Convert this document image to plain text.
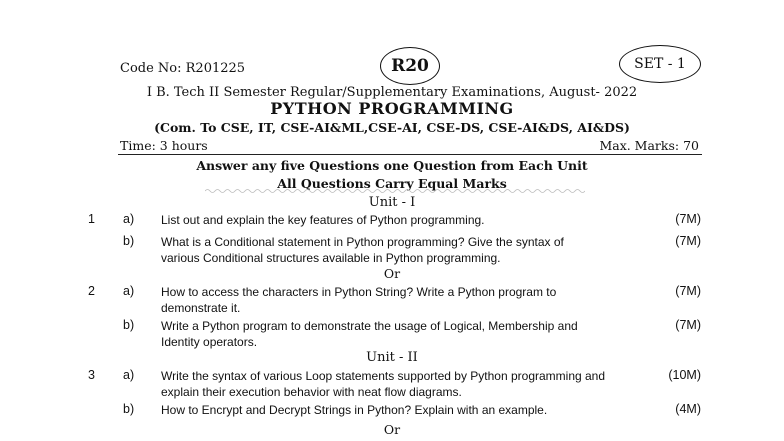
Code No: R201225	R20	SET - 1
I B. Tech II Semester Regular/Supplementary Examinations, August- 2022
PYTHON PROGRAMMING
(Com. To CSE, IT, CSE-AI&ML,CSE-AI, CSE-DS, CSE-AI&DS, AI&DS)
Time: 3 hours	Max. Marks: 70
Answer any five Questions one Question from Each Unit
All Questions Carry Equal Marks
Unit - I
1 a) List out and explain the key features of Python programming.	(7M)
b) What is a Conditional statement in Python programming? Give the syntax of
various Conditional structures available in Python programming.
(7M)
Or
2 a) How to access the characters in Python String? Write a Python program to
demonstrate it.
(7M)
b) Write a Python program to demonstrate the usage of Logical, Membership and
Identity operators.
(7M)
Unit - II
3 a) Write the syntax of various Loop statements supported by Python programming and
explain their execution behavior with neat flow diagrams.
(10M)
b) How to Encrypt and Decrypt Strings in Python? Explain with an example.	(4M)
Or
